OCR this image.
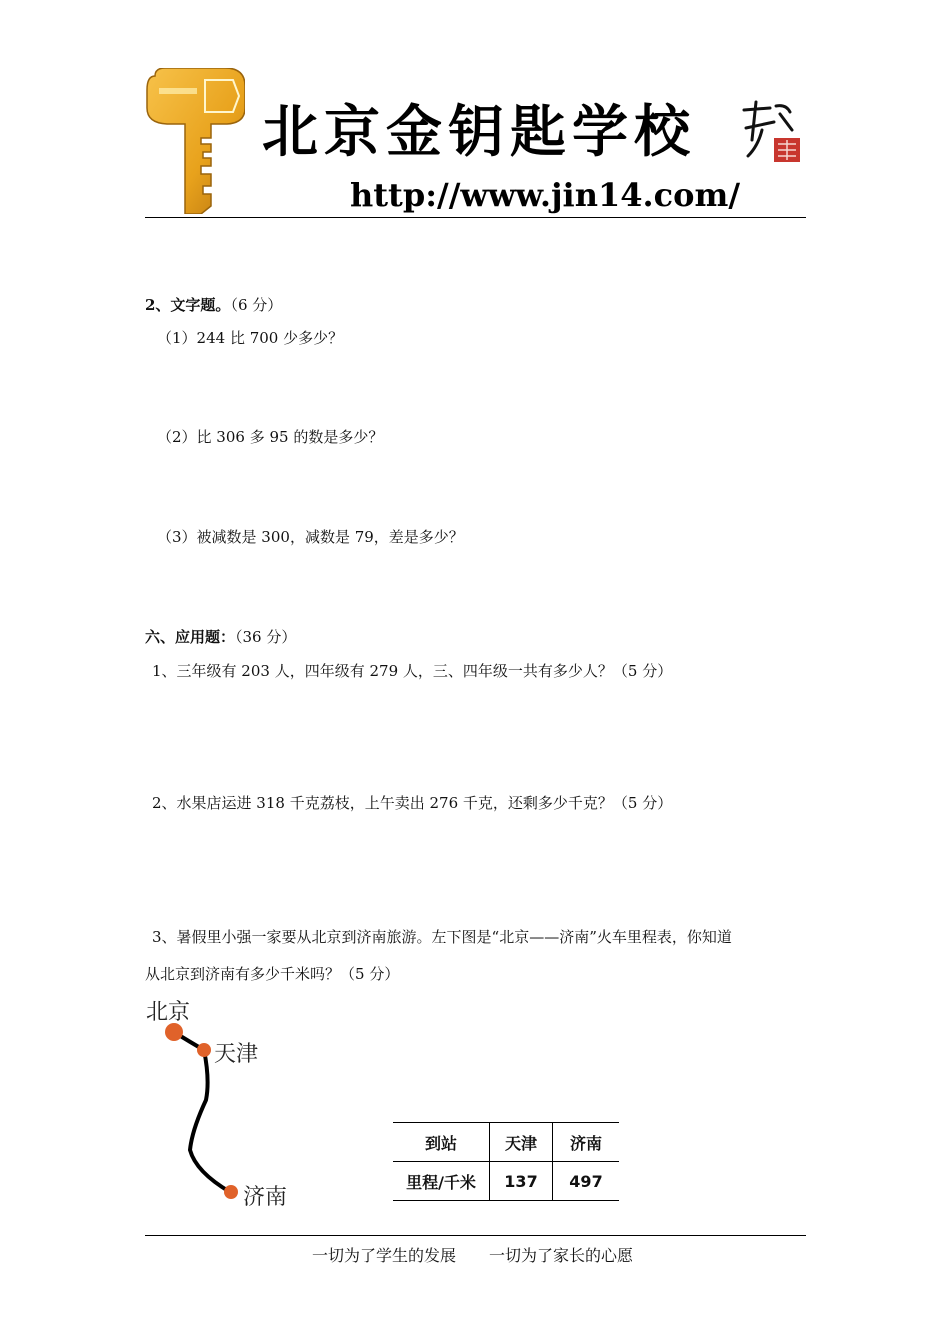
北京金钥匙学校
http://www.jin14.com/
2、文字题。（6 分）
（1）244 比 700 少多少？
（2）比 306 多 95 的数是多少？
（3）被减数是 300，减数是 79，差是多少？
六、应用题：（36 分）
1、三年级有 203 人，四年级有 279 人，三、四年级一共有多少人？（5 分）
2、水果店运进 318 千克荔枝，上午卖出 276 千克，还剩多少千克？（5 分）
3、暑假里小强一家要从北京到济南旅游。左下图是“北京——济南”火车里程表，你知道
从北京到济南有多少千米吗？（5 分）
北京
天津
济南
到站	天津	济南
里程/千米	137	497
一切为了学生的发展 一切为了家长的心愿
